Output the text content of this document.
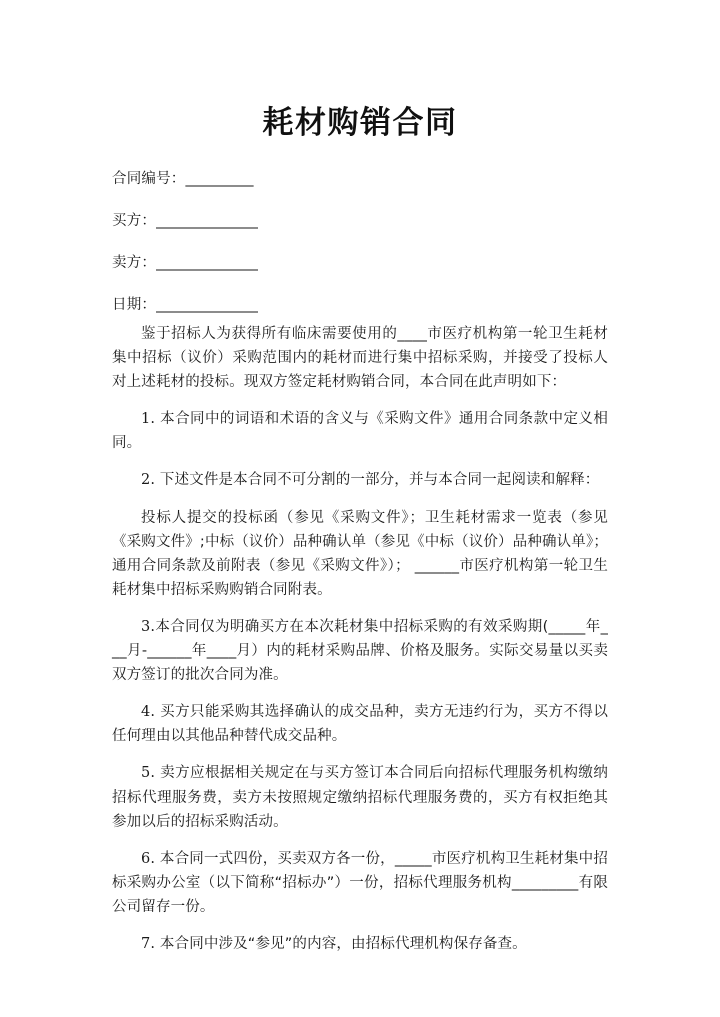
耗材购销合同
合同编号： __________
买方： _______________
卖方： _______________
日期： _______________

鉴于招标人为获得所有临床需要使用的____市医疗机构第一轮卫生耗材集中招标（议价）采购范围内的耗材而进行集中招标采购，并接受了投标人对上述耗材的投标。现双方签定耗材购销合同，本合同在此声明如下：

1. 本合同中的词语和术语的含义与《采购文件》通用合同条款中定义相同。

2. 下述文件是本合同不可分割的一部分，并与本合同一起阅读和解释：

投标人提交的投标函（参见《采购文件》；卫生耗材需求一览表（参见《采购文件》;中标（议价）品种确认单（参见《中标（议价）品种确认单》；通用合同条款及前附表（参见《采购文件》）； ______市医疗机构第一轮卫生耗材集中招标采购购销合同附表。

3.本合同仅为明确买方在本次耗材集中招标采购的有效采购期(_____年___月-______年____月）内的耗材采购品牌、价格及服务。实际交易量以买卖双方签订的批次合同为准。

4. 买方只能采购其选择确认的成交品种，卖方无违约行为，买方不得以任何理由以其他品种替代成交品种。

5. 卖方应根据相关规定在与买方签订本合同后向招标代理服务机构缴纳招标代理服务费，卖方未按照规定缴纳招标代理服务费的，买方有权拒绝其参加以后的招标采购活动。

6. 本合同一式四份，买卖双方各一份，_____市医疗机构卫生耗材集中招标采购办公室（以下简称“招标办”）一份，招标代理服务机构_________有限公司留存一份。

7. 本合同中涉及“参见”的内容，由招标代理机构保存备查。
